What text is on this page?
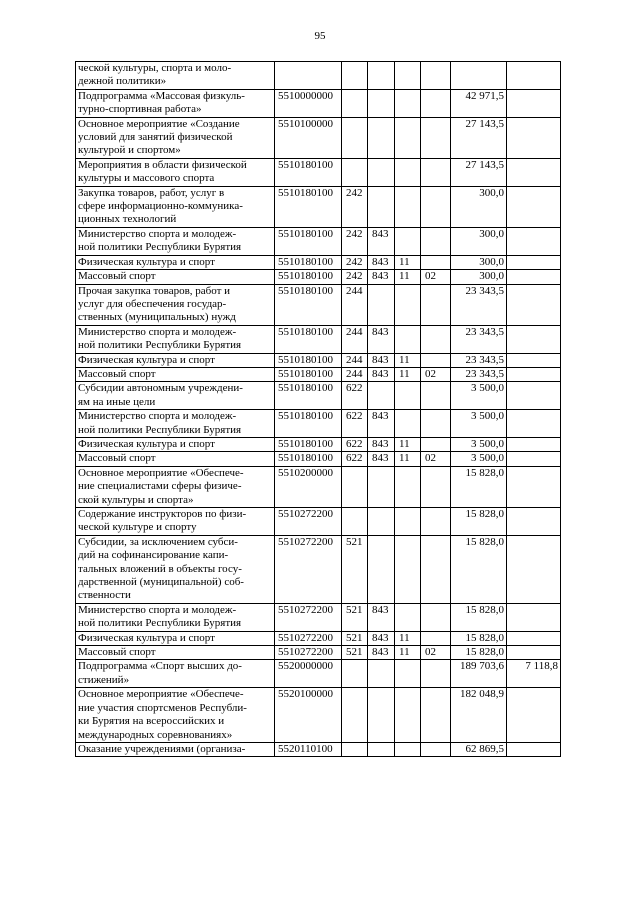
95
ческой культуры, спорта и моло-
дежной политики»							
Подпрограмма «Массовая физкуль-
турно-спортивная работа»	5510000000					42 971,5	
Основное мероприятие «Создание
условий для занятий физической
культурой и спортом»	5510100000					27 143,5	
Мероприятия в области физической
культуры и массового спорта	5510180100					27 143,5	
Закупка товаров, работ, услуг в
сфере информационно-коммуника-
ционных технологий	5510180100	242				300,0	
Министерство спорта и молодеж-
ной политики Республики Бурятия	5510180100	242	843			300,0	
Физическая культура и спорт	5510180100	242	843	11		300,0	
Массовый спорт	5510180100	242	843	11	02	300,0	
Прочая закупка товаров, работ и
услуг для обеспечения государ-
ственных (муниципальных) нужд	5510180100	244				23 343,5	
Министерство спорта и молодеж-
ной политики Республики Бурятия	5510180100	244	843			23 343,5	
Физическая культура и спорт	5510180100	244	843	11		23 343,5	
Массовый спорт	5510180100	244	843	11	02	23 343,5	
Субсидии автономным учреждени-
ям на иные цели	5510180100	622				3 500,0	
Министерство спорта и молодеж-
ной политики Республики Бурятия	5510180100	622	843			3 500,0	
Физическая культура и спорт	5510180100	622	843	11		3 500,0	
Массовый спорт	5510180100	622	843	11	02	3 500,0	
Основное мероприятие «Обеспече-
ние специалистами сферы физиче-
ской культуры и спорта»	5510200000					15 828,0	
Содержание инструкторов по физи-
ческой культуре и спорту	5510272200					15 828,0	
Субсидии, за исключением субси-
дий на софинансирование капи-
тальных вложений в объекты госу-
дарственной (муниципальной) соб-
ственности	5510272200	521				15 828,0	
Министерство спорта и молодеж-
ной политики Республики Бурятия	5510272200	521	843			15 828,0	
Физическая культура и спорт	5510272200	521	843	11		15 828,0	
Массовый спорт	5510272200	521	843	11	02	15 828,0	
Подпрограмма «Спорт высших до-
стижений»	5520000000					189 703,6	7 118,8
Основное мероприятие «Обеспече-
ние участия спортсменов Республи-
ки Бурятия на всероссийских и
международных соревнованиях»	5520100000					182 048,9	
Оказание учреждениями (организа-	5520110100					62 869,5	
